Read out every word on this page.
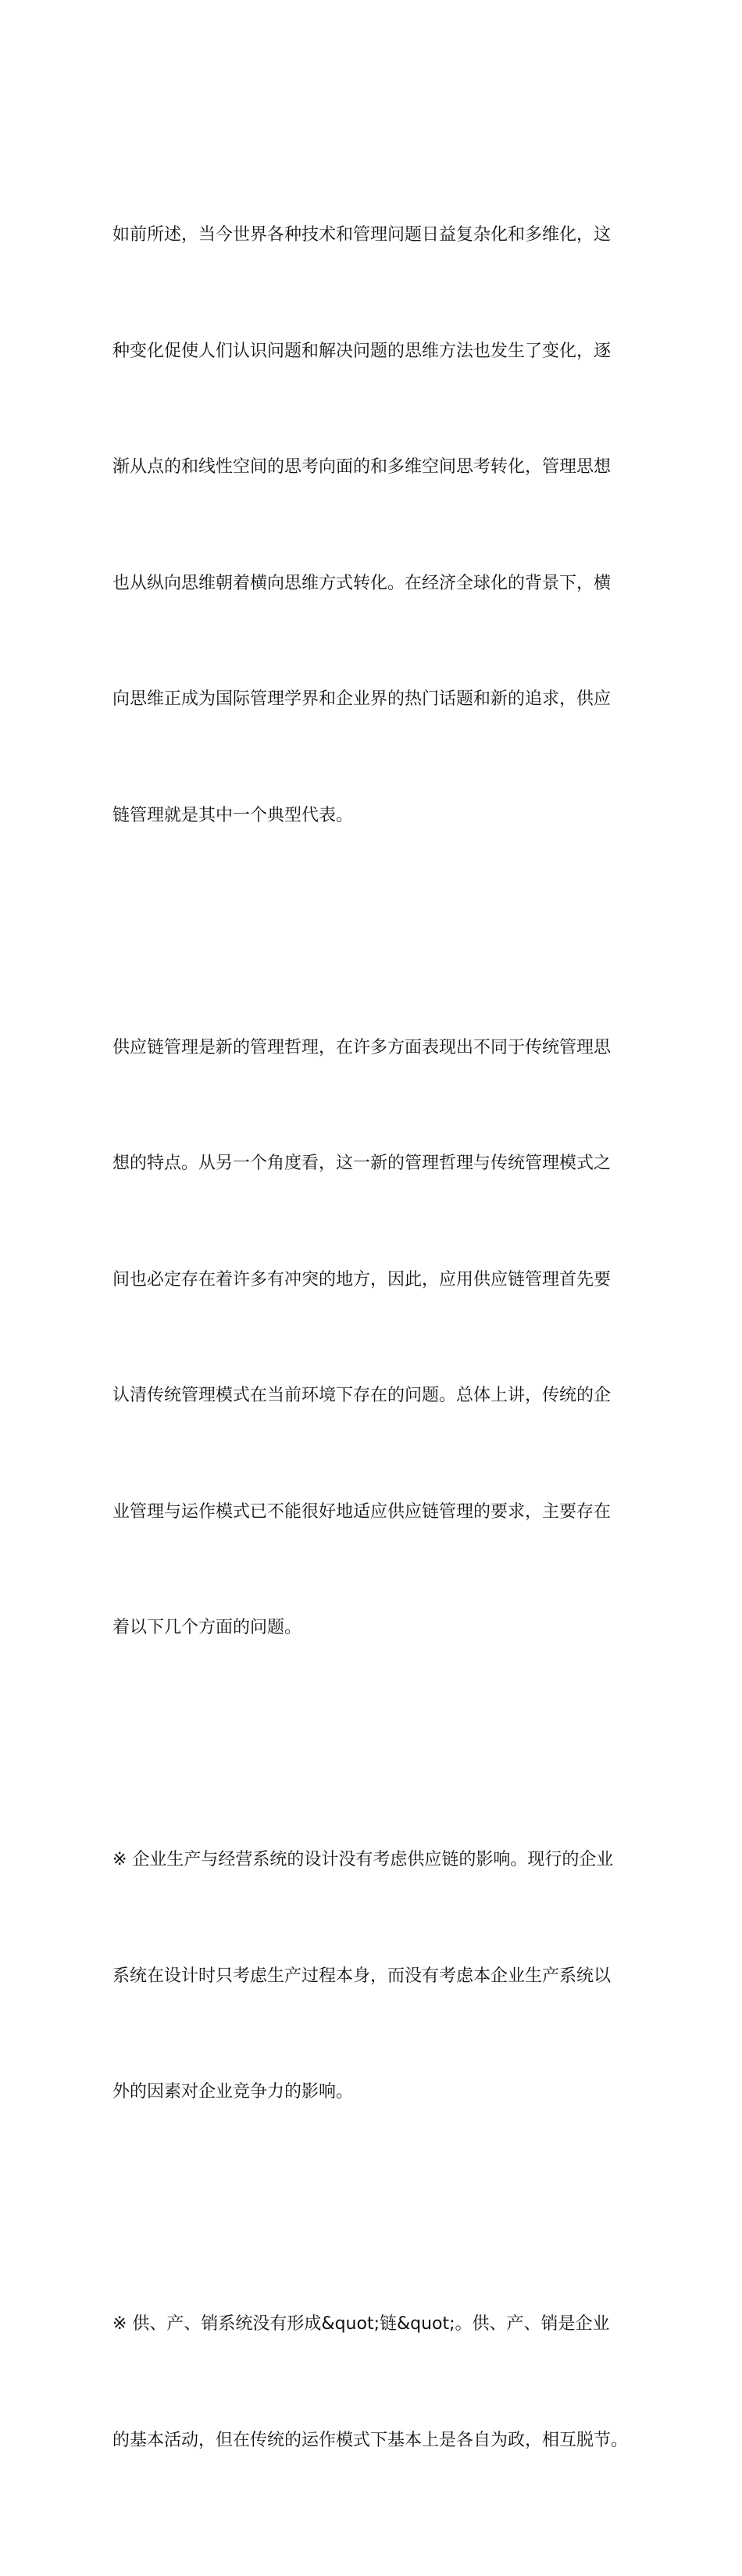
如前所述，当今世界各种技术和管理问题日益复杂化和多维化，这

种变化促使人们认识问题和解决问题的思维方法也发生了变化，逐

渐从点的和线性空间的思考向面的和多维空间思考转化，管理思想

也从纵向思维朝着横向思维方式转化。在经济全球化的背景下，横

向思维正成为国际管理学界和企业界的热门话题和新的追求，供应

链管理就是其中一个典型代表。

供应链管理是新的管理哲理，在许多方面表现出不同于传统管理思

想的特点。从另一个角度看，这一新的管理哲理与传统管理模式之

间也必定存在着许多有冲突的地方，因此，应用供应链管理首先要

认清传统管理模式在当前环境下存在的问题。总体上讲，传统的企

业管理与运作模式已不能很好地适应供应链管理的要求，主要存在

着以下几个方面的问题。

※ 企业生产与经营系统的设计没有考虑供应链的影响。现行的企业

系统在设计时只考虑生产过程本身，而没有考虑本企业生产系统以

外的因素对企业竞争力的影响。

※ 供、产、销系统没有形成&quot;链&quot;。供、产、销是企业

的基本活动，但在传统的运作模式下基本上是各自为政，相互脱节。
